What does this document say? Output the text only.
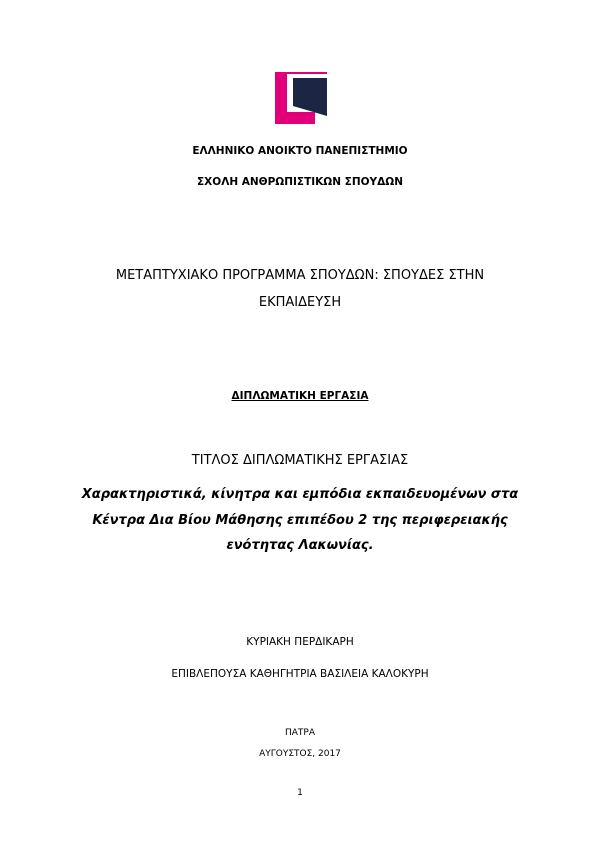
ΕΛΛΗΝΙΚΟ ΑΝΟΙΚΤΟ ΠΑΝΕΠΙΣΤΗΜΙΟ
ΣΧΟΛΗ ΑΝΘΡΩΠΙΣΤΙΚΩΝ ΣΠΟΥΔΩΝ
ΜΕΤΑΠΤΥΧΙΑΚΟ ΠΡΟΓΡΑΜΜΑ ΣΠΟΥΔΩΝ: ΣΠΟΥΔΕΣ ΣΤΗΝ
ΕΚΠΑΙΔΕΥΣΗ
ΔΙΠΛΩΜΑΤΙΚΗ ΕΡΓΑΣΙΑ
ΤΙΤΛΟΣ ΔΙΠΛΩΜΑΤΙΚΗΣ ΕΡΓΑΣΙΑΣ
Χαρακτηριστικά, κίνητρα και εμπόδια εκπαιδευομένων στα
Κέντρα Δια Βίου Μάθησης επιπέδου 2 της περιφερειακής
ενότητας Λακωνίας.
ΚΥΡΙΑΚΗ ΠΕΡΔΙΚΑΡΗ
ΕΠΙΒΛΕΠΟΥΣΑ ΚΑΘΗΓΗΤΡΙΑ ΒΑΣΙΛΕΙΑ ΚΑΛΟΚΥΡΗ
ΠΑΤΡΑ
ΑΥΓΟΥΣΤΟΣ, 2017
1
